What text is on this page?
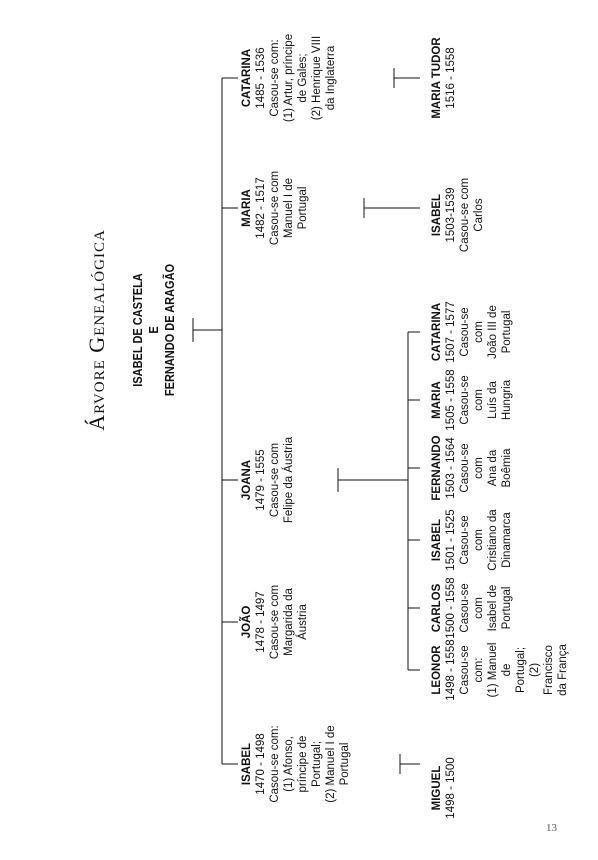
Árvore Genealógica ISABEL DE CASTELA E FERNANDO DE ARAGÃO
ISABEL 1470 - 1498 Casou-se com: (1) Afonso, príncipe de Portugal; (2) Manuel I de Portugal
JOÃO 1478 - 1497 Casou-se com Margarida da Áustria
JOANA 1479 - 1555 Casou-se com Felipe da Áustria
MARIA 1482 - 1517 Casou-se com Manuel I de Portugal
CATARINA 1485 - 1536 Casou-se com: (1) Artur, príncipe de Gales; (2) Henrique VIII da Inglaterra
LEONOR 1498 - 1558 Casou-se com: (1) Manuel de Portugal; (2) Francisco da França
CARLOS 1500 - 1558 Casou-se com Isabel de Portugal
ISABEL 1501 - 1525 Casou-se com Cristiano da Dinamarca
FERNANDO 1503 - 1564 Casou-se com Ana da Boêmia
MARIA 1505 - 1558 Casou-se com Luís da Hungria
CATARINA 1507 - 1577 Casou-se com João III de Portugal
MIGUEL 1498 - 1500
ISABEL 1503-1539 Casou-se com Carlos
MARIA TUDOR 1516 - 1558
13
